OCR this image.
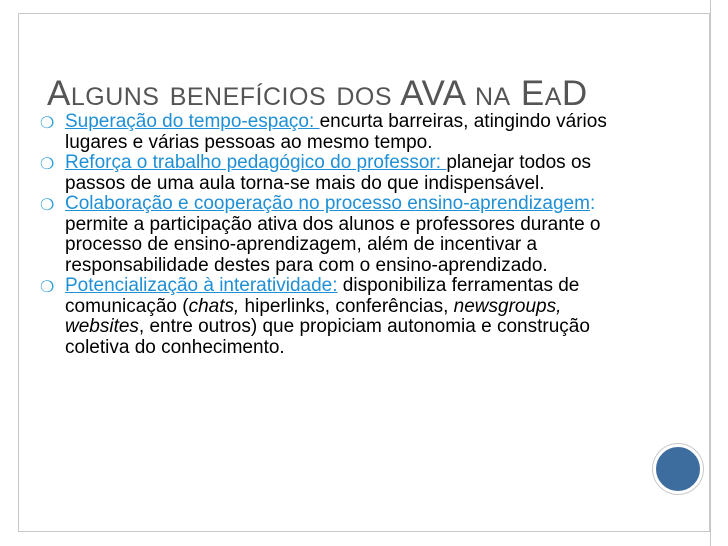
Alguns benefícios dos AVA na EaD
❍ Superação do tempo-espaço: encurta barreiras, atingindo vários lugares e várias pessoas ao mesmo tempo.
❍ Reforça o trabalho pedagógico do professor: planejar todos os passos de uma aula torna-se mais do que indispensável.
❍ Colaboração e cooperação no processo ensino-aprendizagem: permite a participação ativa dos alunos e professores durante o processo de ensino-aprendizagem, além de incentivar a responsabilidade destes para com o ensino-aprendizado.
❍ Potencialização à interatividade: disponibiliza ferramentas de comunicação (chats, hiperlinks, conferências, newsgroups, websites, entre outros) que propiciam autonomia e construção coletiva do conhecimento.
